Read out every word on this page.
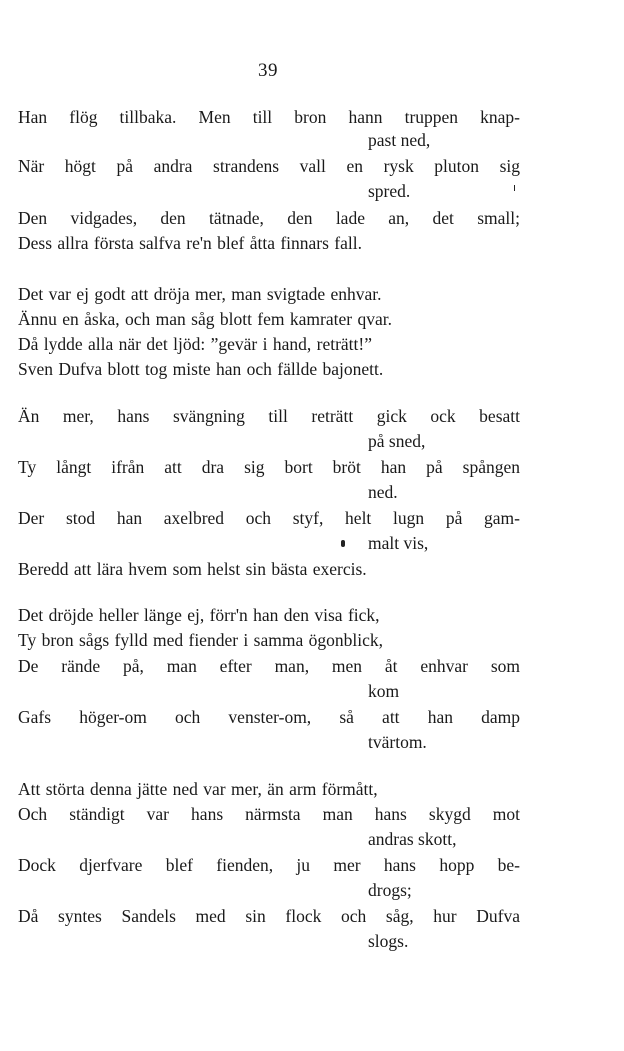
39
Han flög tillbaka. Men till bron hann truppen knap-
past ned,
När högt på andra strandens vall en rysk pluton sig
spred.
Den vidgades, den tätnade, den lade an, det small;
Dess allra första salfva re'n blef åtta finnars fall.
Det var ej godt att dröja mer, man svigtade enhvar.
Ännu en åska, och man såg blott fem kamrater qvar.
Då lydde alla när det ljöd: ”gevär i hand, reträtt!”
Sven Dufva blott tog miste han och fällde bajonett.
Än mer, hans svängning till reträtt gick ock besatt
på sned,
Ty långt ifrån att dra sig bort bröt han på spången
ned.
Der stod han axelbred och styf, helt lugn på gam-
malt vis,
Beredd att lära hvem som helst sin bästa exercis.
Det dröjde heller länge ej, förr'n han den visa fick,
Ty bron sågs fylld med fiender i samma ögonblick,
De rände på, man efter man, men åt enhvar som
kom
Gafs höger-om och venster-om, så att han damp
tvärtom.
Att störta denna jätte ned var mer, än arm förmått,
Och ständigt var hans närmsta man hans skygd mot
andras skott,
Dock djerfvare blef fienden, ju mer hans hopp be-
drogs;
Då syntes Sandels med sin flock och såg, hur Dufva
slogs.
